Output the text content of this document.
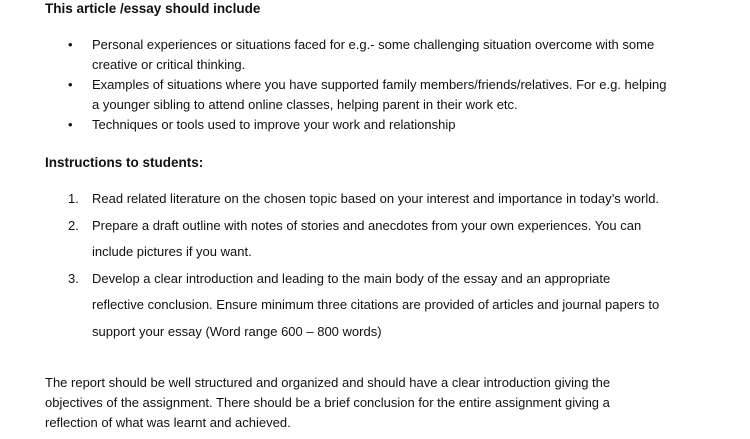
This article /essay should include
• Personal experiences or situations faced for e.g.- some challenging situation overcome with some creative or critical thinking.
• Examples of situations where you have supported family members/friends/relatives. For e.g. helping a younger sibling to attend online classes, helping parent in their work etc.
• Techniques or tools used to improve your work and relationship
Instructions to students:
1. Read related literature on the chosen topic based on your interest and importance in today’s world.
2. Prepare a draft outline with notes of stories and anecdotes from your own experiences. You can include pictures if you want.
3. Develop a clear introduction and leading to the main body of the essay and an appropriate reflective conclusion. Ensure minimum three citations are provided of articles and journal papers to support your essay (Word range 600 – 800 words)
The report should be well structured and organized and should have a clear introduction giving the objectives of the assignment. There should be a brief conclusion for the entire assignment giving a reflection of what was learnt and achieved.
